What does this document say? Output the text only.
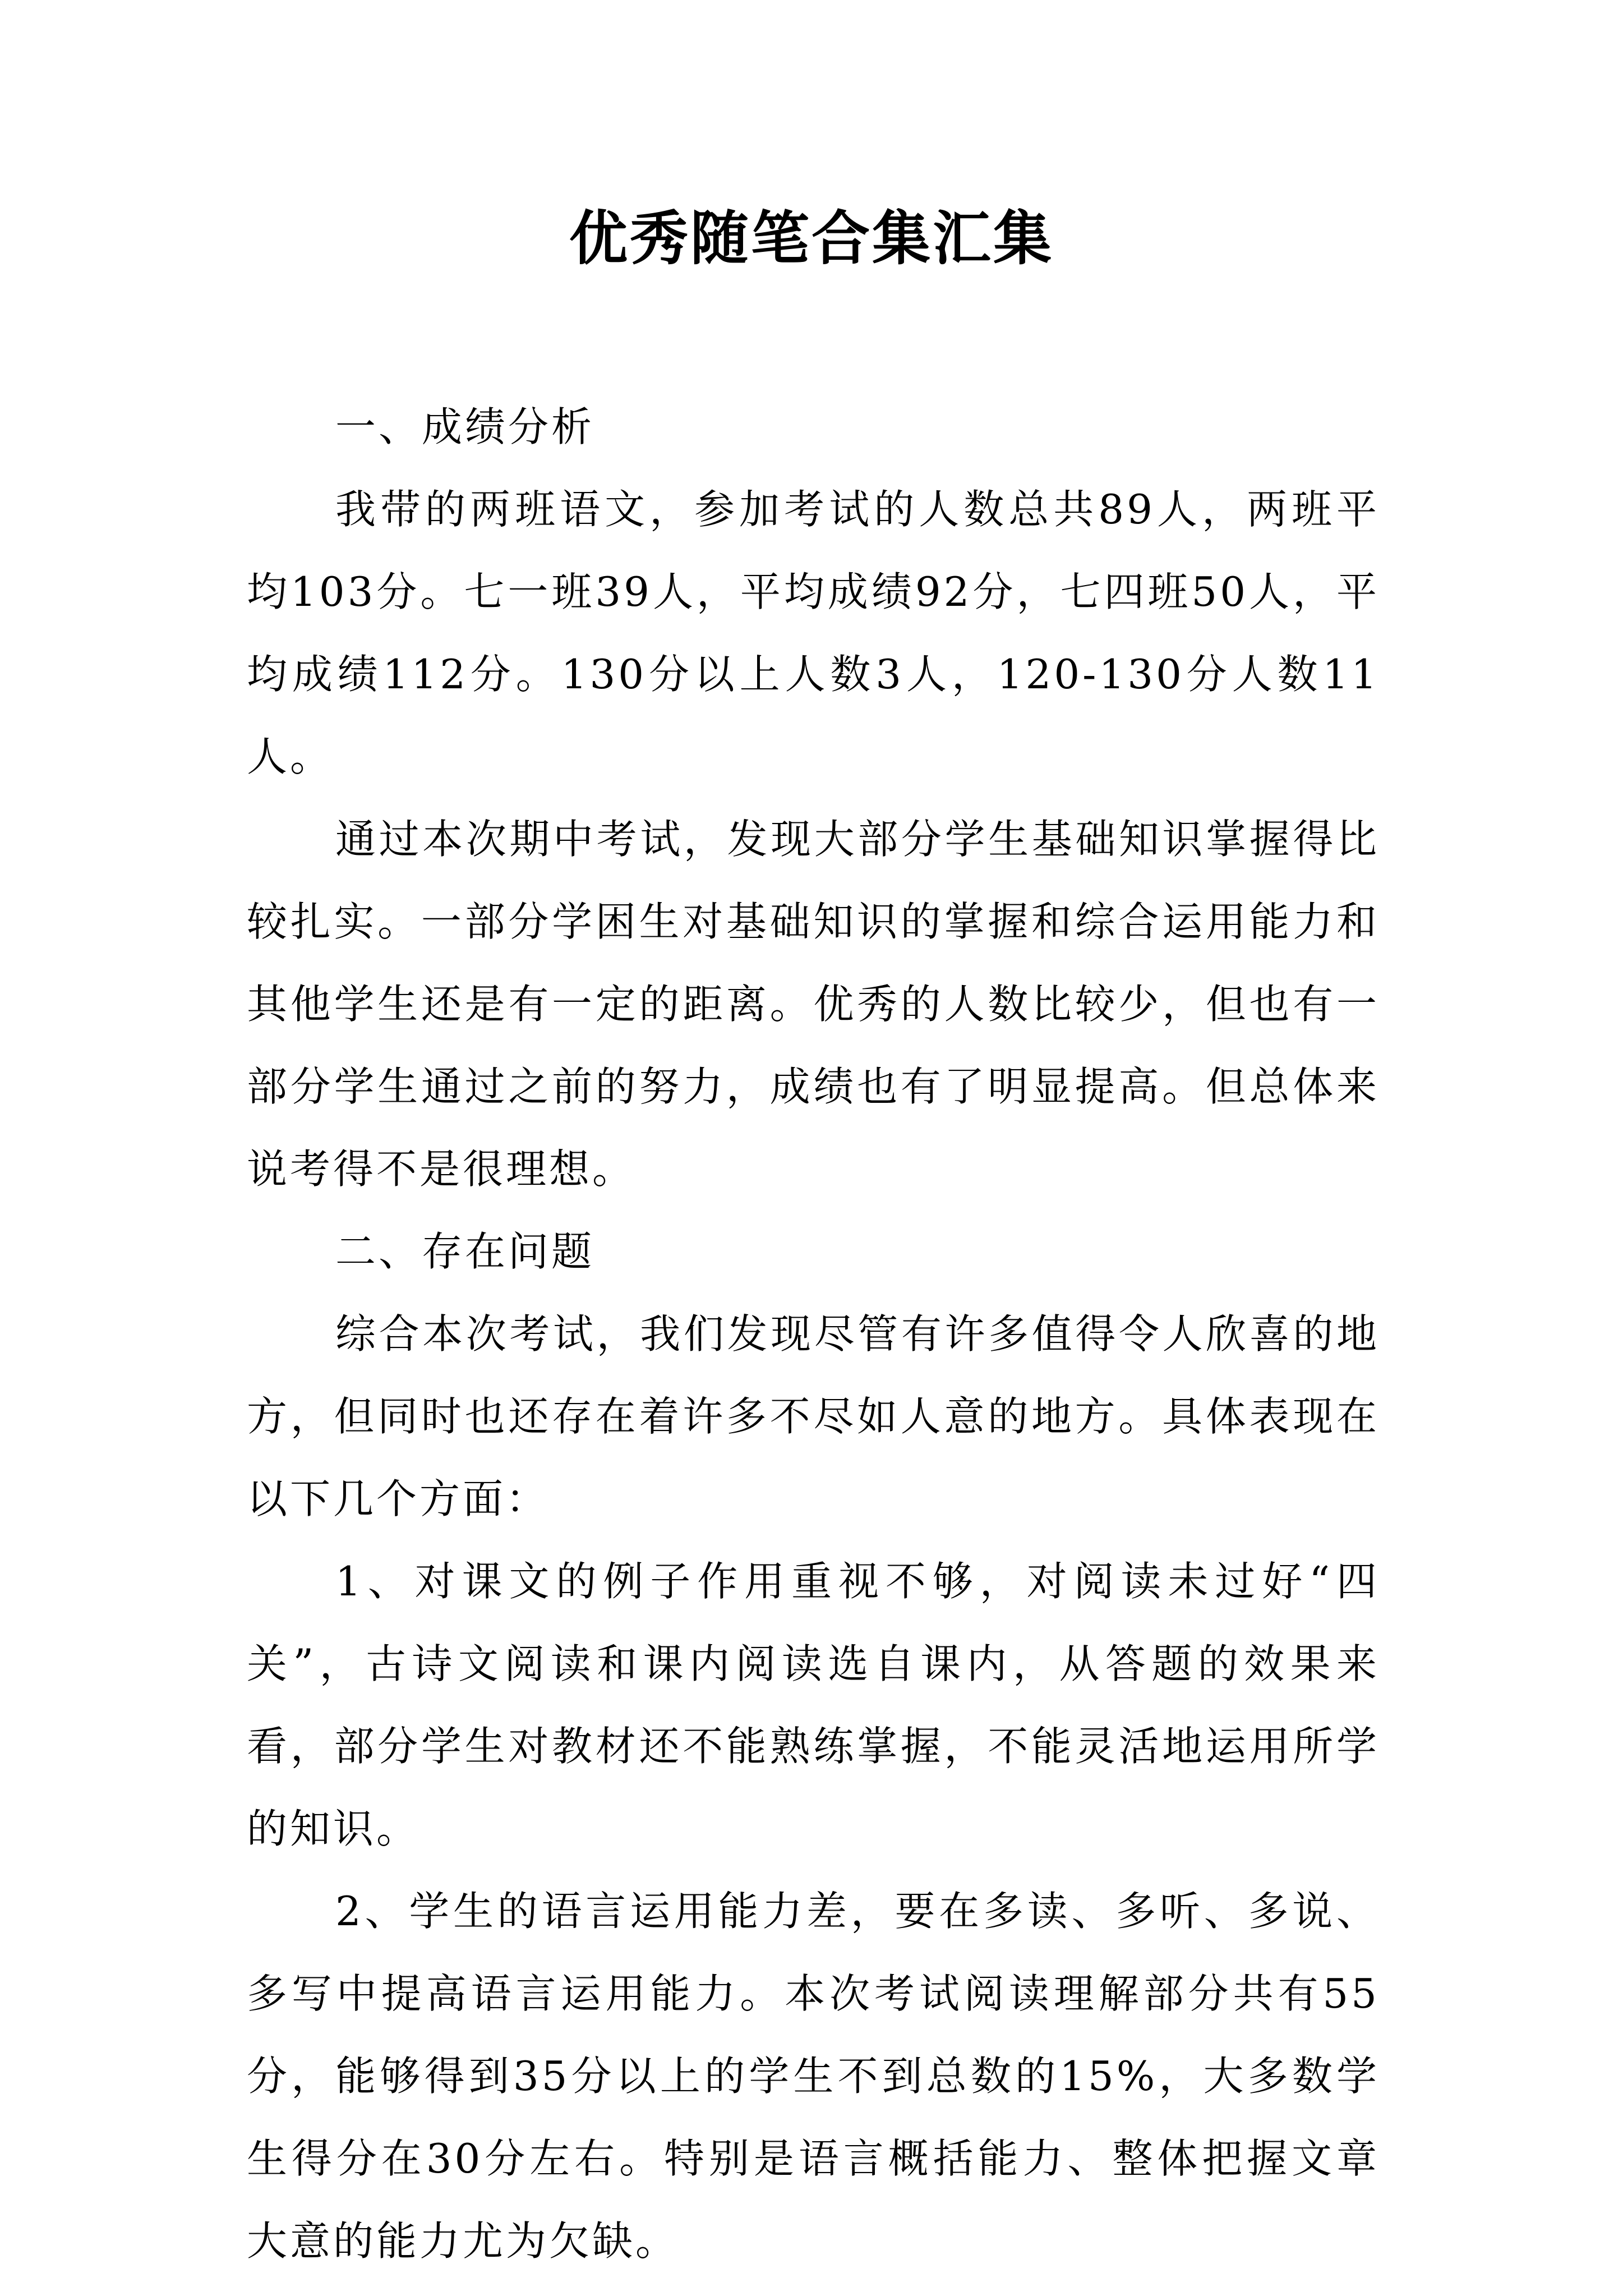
优秀随笔合集汇集

一、成绩分析

我带的两班语文，参加考试的人数总共89人，两班平均103分。七一班39人，平均成绩92分，七四班50人，平均成绩112分。130分以上人数3人，120-130分人数11人。

通过本次期中考试，发现大部分学生基础知识掌握得比较扎实。一部分学困生对基础知识的掌握和综合运用能力和其他学生还是有一定的距离。优秀的人数比较少，但也有一部分学生通过之前的努力，成绩也有了明显提高。但总体来说考得不是很理想。

二、存在问题

综合本次考试，我们发现尽管有许多值得令人欣喜的地方，但同时也还存在着许多不尽如人意的地方。具体表现在以下几个方面：

1、对课文的例子作用重视不够，对阅读未过好“四关”，古诗文阅读和课内阅读选自课内，从答题的效果来看，部分学生对教材还不能熟练掌握，不能灵活地运用所学的知识。

2、学生的语言运用能力差，要在多读、多听、多说、多写中提高语言运用能力。本次考试阅读理解部分共有55分，能够得到35分以上的学生不到总数的15%，大多数学生得分在30分左右。特别是语言概括能力、整体把握文章大意的能力尤为欠缺。
